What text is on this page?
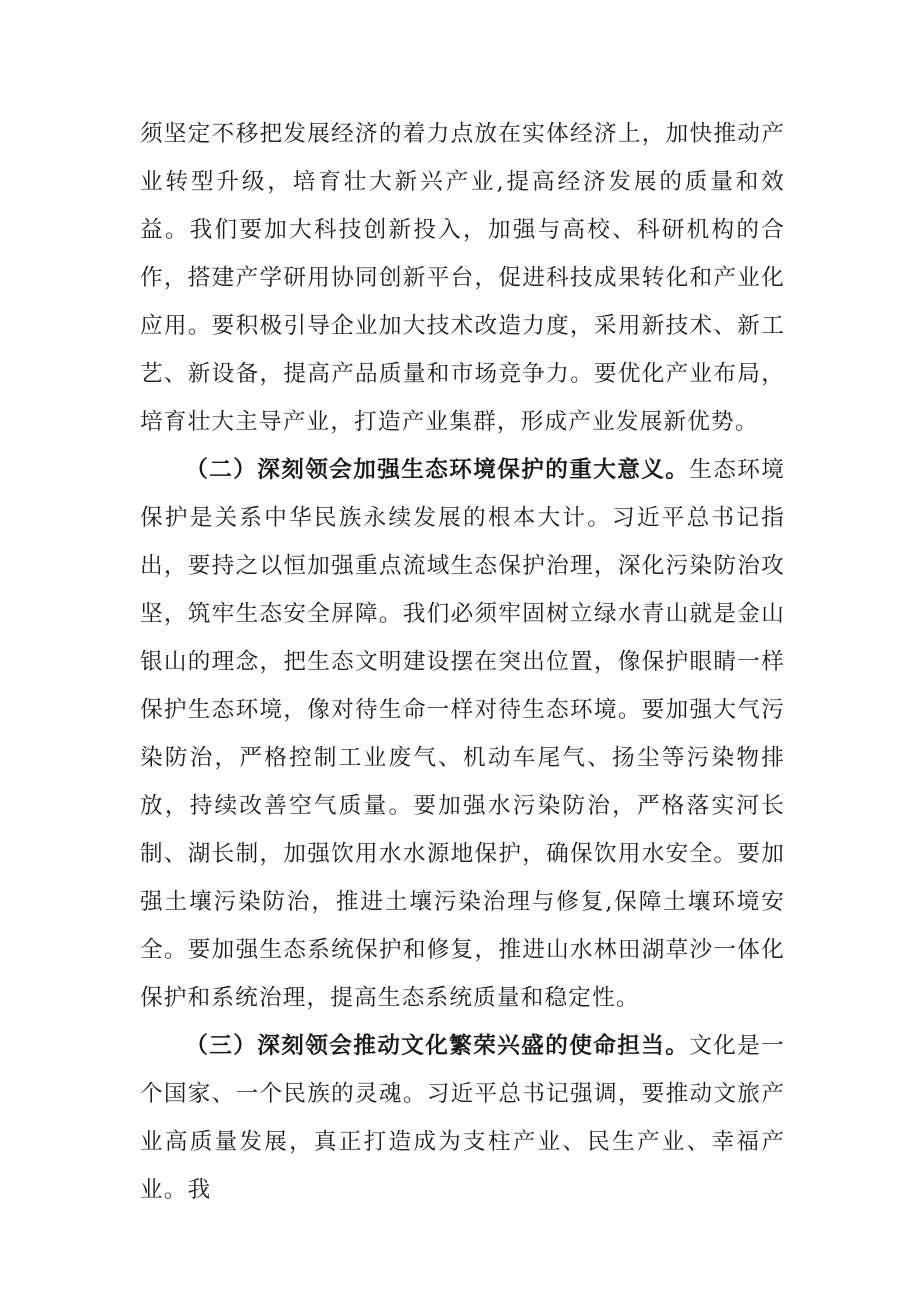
须坚定不移把发展经济的着力点放在实体经济上，加快推动产业转型升级，培育壮大新兴产业,提高经济发展的质量和效益。我们要加大科技创新投入，加强与高校、科研机构的合作，搭建产学研用协同创新平台，促进科技成果转化和产业化应用。要积极引导企业加大技术改造力度，采用新技术、新工艺、新设备，提高产品质量和市场竞争力。要优化产业布局，培育壮大主导产业，打造产业集群，形成产业发展新优势。

（二）深刻领会加强生态环境保护的重大意义。生态环境保护是关系中华民族永续发展的根本大计。习近平总书记指出，要持之以恒加强重点流域生态保护治理，深化污染防治攻坚，筑牢生态安全屏障。我们必须牢固树立绿水青山就是金山银山的理念，把生态文明建设摆在突出位置，像保护眼睛一样保护生态环境，像对待生命一样对待生态环境。要加强大气污染防治，严格控制工业废气、机动车尾气、扬尘等污染物排放，持续改善空气质量。要加强水污染防治，严格落实河长制、湖长制，加强饮用水水源地保护，确保饮用水安全。要加强土壤污染防治，推进土壤污染治理与修复,保障土壤环境安全。要加强生态系统保护和修复，推进山水林田湖草沙一体化保护和系统治理，提高生态系统质量和稳定性。

（三）深刻领会推动文化繁荣兴盛的使命担当。文化是一个国家、一个民族的灵魂。习近平总书记强调，要推动文旅产业高质量发展，真正打造成为支柱产业、民生产业、幸福产业。我
